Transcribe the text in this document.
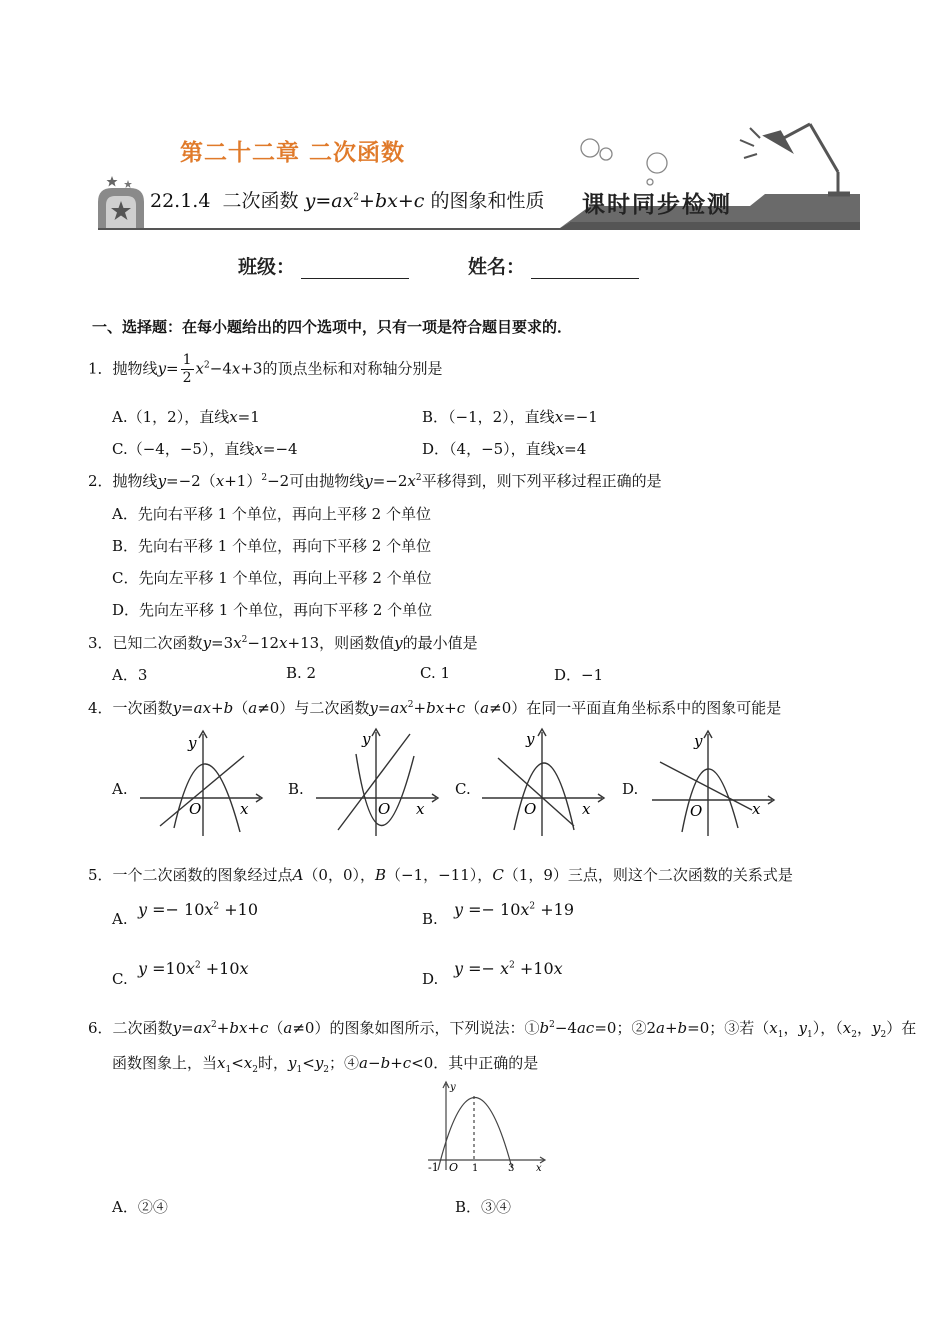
第二十二章 二次函数
22.1.4 二次函数 $y=ax^2+bx+c$ 的图象和性质 课时同步检测
班级：	姓名：
一、选择题：在每小题给出的四个选项中，只有一项是符合题目要求的．
1．抛物线$y= \frac{1}{2} x^2-4x+3$的顶点坐标和对称轴分别是
A.（1，2），直线x=1	B．（−1，2），直线x=−1
C.（−4，−5），直线x=−4	D．（4，−5），直线x=4
2．抛物线$y=-2(x+1)^2-2$可由抛物线$y=-2x^2$平移得到，则下列平移过程正确的是
A．先向右平移 1 个单位，再向上平移 2 个单位
B．先向右平移 1 个单位，再向下平移 2 个单位
C．先向左平移 1 个单位，再向上平移 2 个单位
D．先向左平移 1 个单位，再向下平移 2 个单位
3．已知二次函数$y=3x^2-12x+13$，则函数值y的最小值是
A．3	B. 2	C. 1	D．−1
4．一次函数y=ax+b（a≠0）与二次函数$y=ax^2+bx+c(a\ne 0)$在同一平面直角坐标系中的图象可能是
A.	B.	C.	D.
y
x
O
y
x
O
y
x
O
y
x
O
5．一个二次函数的图象经过点A（0，0），B（−1，−11），C（1，9）三点，则这个二次函数的关系式是
A. $y =- 10x^2 +10$	B. $y =- 10x^2 +19$
C.
$y =10x^2 +10x$
D.
$y =- x^2 +10x$
6．二次函数$y=ax^2+bx+c(a\ne 0)$的图象如图所示，下列说法：$①b^2-4ac=0$；②2a+b=0；③若（$x_1$，$y_1$），（$x_2$，$y_2$）在
函数图象上，当$x_1<x_2$时，$y_1<y_2$；④a−b+c<0．其中正确的是
-1 O 1	3 x
y
A．②④	B．③④
